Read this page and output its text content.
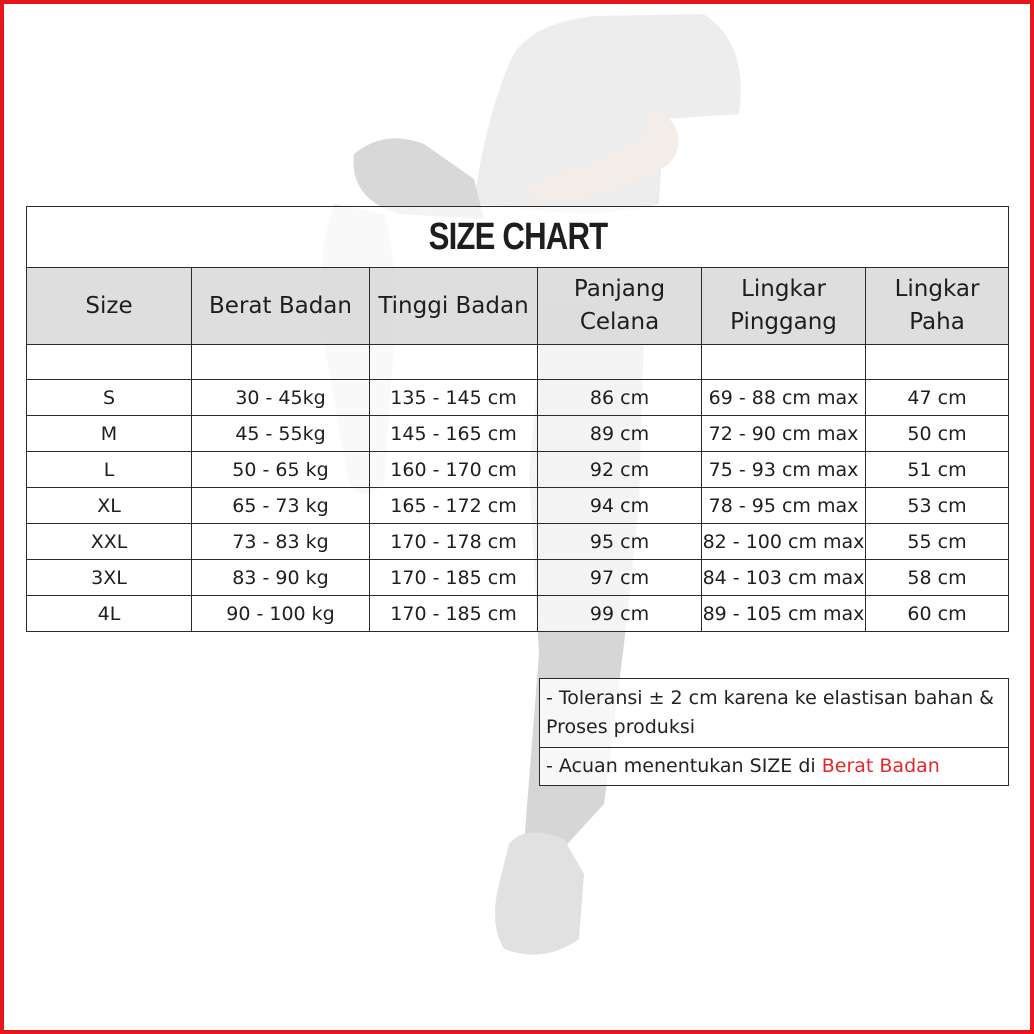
SIZE CHART					
Size	Berat Badan	Tinggi Badan	Panjang Celana	Lingkar Pinggang	Lingkar Paha

S	30 - 45kg	135 - 145 cm	86 cm	69 - 88 cm max	47 cm
M	45 - 55kg	145 - 165 cm	89 cm	72 - 90 cm max	50 cm
L	50 - 65 kg	160 - 170 cm	92 cm	75 - 93 cm max	51 cm
XL	65 - 73 kg	165 - 172 cm	94 cm	78 - 95 cm max	53 cm
XXL	73 - 83 kg	170 - 178 cm	95 cm	82 - 100 cm max	55 cm
3XL	83 - 90 kg	170 - 185 cm	97 cm	84 - 103 cm max	58 cm
4L	90 - 100 kg	170 - 185 cm	99 cm	89 - 105 cm max	60 cm
- Toleransi ± 2 cm karena ke elastisan bahan & Proses produksi
- Acuan menentukan SIZE di Berat Badan
